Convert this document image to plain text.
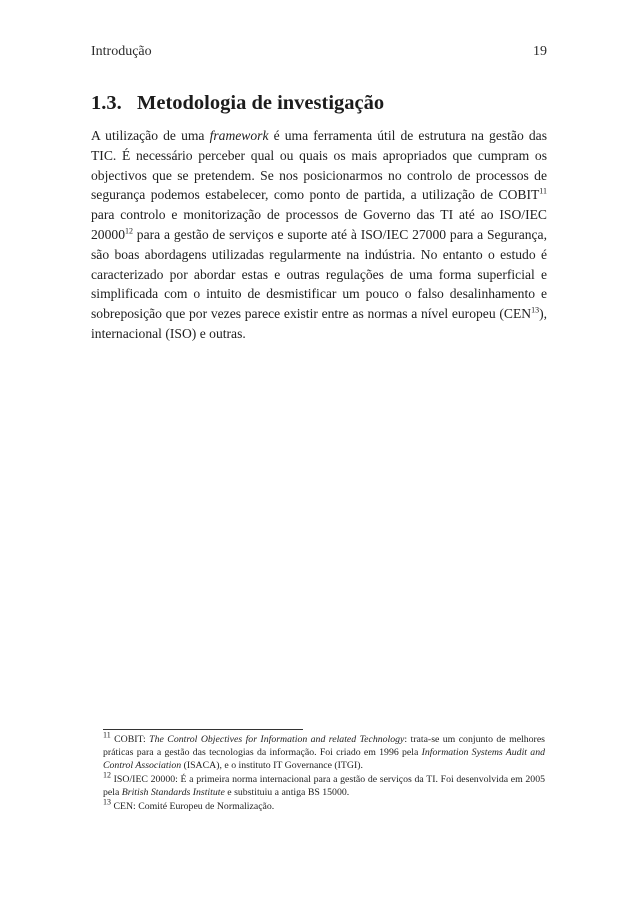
Introdução	19
1.3. Metodologia de investigação
A utilização de uma framework é uma ferramenta útil de estrutura na gestão das TIC. É necessário perceber qual ou quais os mais apropriados que cumpram os objectivos que se pretendem. Se nos posicionarmos no controlo de processos de segurança podemos estabelecer, como ponto de partida, a utilização de COBIT$^{11}$ para controlo e monitorização de processos de Governo das TI até ao ISO/IEC 20000$^{12}$ para a gestão de serviços e suporte até à ISO/IEC 27000 para a Segurança, são boas abordagens utilizadas regularmente na indústria. No entanto o estudo é caracterizado por abordar estas e outras regulações de uma forma superficial e simplificada com o intuito de desmistificar um pouco o falso desalinhamento e sobreposição que por vezes parece existir entre as normas a nível europeu (CEN$^{13}$), internacional (ISO) e outras.
$^{11}$ COBIT: The Control Objectives for Information and related Technology: trata-se um conjunto de melhores práticas para a gestão das tecnologias da informação. Foi criado em 1996 pela Information Systems Audit and Control Association (ISACA), e o instituto IT Governance (ITGI).
$^{12}$ ISO/IEC 20000: É a primeira norma internacional para a gestão de serviços da TI. Foi desenvolvida em 2005 pela British Standards Institute e substituiu a antiga BS 15000.
$^{13}$ CEN: Comité Europeu de Normalização.
